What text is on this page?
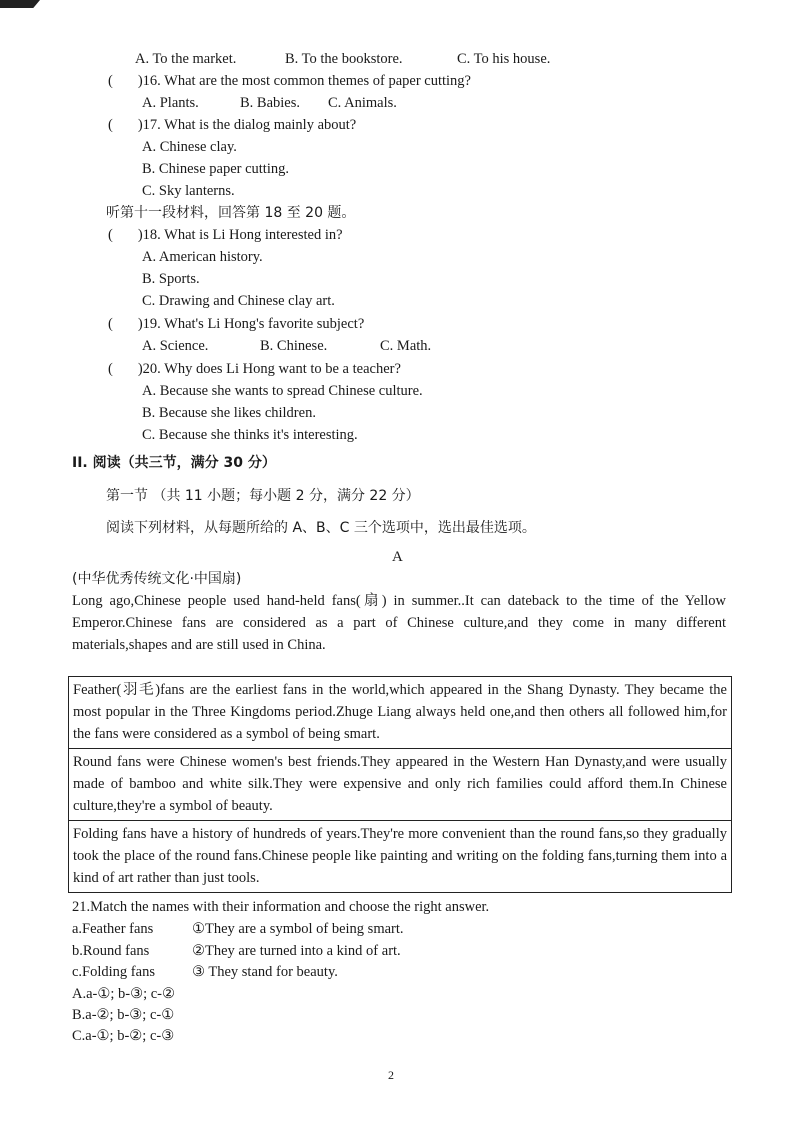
A. To the market.	B. To the bookstore.	C. To his house.
( )16. What are the most common themes of paper cutting?
A. Plants.	B. Babies. C. Animals.
( )17. What is the dialog mainly about?
A. Chinese clay.
B. Chinese paper cutting.
C. Sky lanterns.
听第十一段材料，回答第 18 至 20 题。
( )18. What is Li Hong interested in?
A. American history.
B. Sports.
C. Drawing and Chinese clay art.
( )19. What's Li Hong's favorite subject?
A. Science.	B. Chinese.	C. Math.
( )20. Why does Li Hong want to be a teacher?
A. Because she wants to spread Chinese culture.
B. Because she likes children.
C. Because she thinks it's interesting.
II. 阅读（共三节，满分 30 分）
第一节 （共 11 小题；每小题 2 分，满分 22 分）
阅读下列材料，从每题所给的 A、B、C 三个选项中，选出最佳选项。
A
(中华优秀传统文化·中国扇)
Long ago,Chinese people used hand-held fans(扇) in summer..It can dateback to the time of the Yellow Emperor.Chinese fans are considered as a part of Chinese culture,and they come in many different materials,shapes and are still used in China.
Feather(羽毛)fans are the earliest fans in the world,which appeared in the Shang Dynasty. They became the most popular in the Three Kingdoms period.Zhuge Liang always held one,and then others all followed him,for the fans were considered as a symbol of being smart.
Round fans were Chinese women's best friends.They appeared in the Western Han Dynasty,and were usually made of bamboo and white silk.They were expensive and only rich families could afford them.In Chinese culture,they're a symbol of beauty.
Folding fans have a history of hundreds of years.They're more convenient than the round fans,so they gradually took the place of the round fans.Chinese people like painting and writing on the folding fans,turning them into a kind of art rather than just tools.
21.Match the names with their information and choose the right answer.
a.Feather fans	①They are a symbol of being smart.
b.Round fans	②They are turned into a kind of art.
c.Folding fans	③ They stand for beauty.
A.a-①; b-③; c-②
B.a-②; b-③; c-①
C.a-①; b-②; c-③
2
